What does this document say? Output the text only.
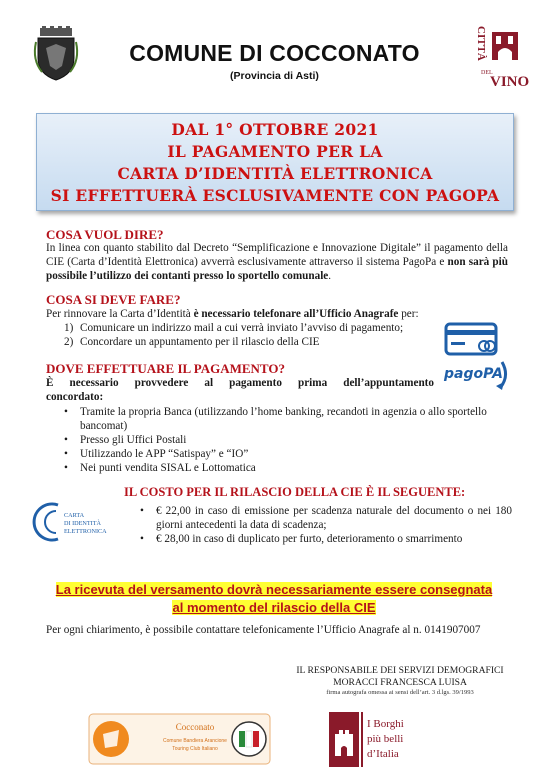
COMUNE DI COCCONATO
(Provincia di Asti)
CITTÀ
DEL
VINO
DAL 1° OTTOBRE 2021
IL PAGAMENTO PER LA
CARTA D’IDENTITÀ ELETTRONICA
SI EFFETTUERÀ ESCLUSIVAMENTE CON PAGOPA
COSA VUOL DIRE?
In linea con quanto stabilito dal Decreto “Semplificazione e Innovazione Digitale” il pagamento della CIE (Carta d’Identità Elettronica) avverrà esclusivamente attraverso il sistema PagoPa e non sarà più possibile l’utilizzo dei contanti presso lo sportello comunale.
COSA SI DEVE FARE?
Per rinnovare la Carta d’Identità è necessario telefonare all’Ufficio Anagrafe per:
1) Comunicare un indirizzo mail a cui verrà inviato l’avviso di pagamento;
2) Concordare un appuntamento per il rilascio della CIE
pagoPA
DOVE EFFETTUARE IL PAGAMENTO?
È necessario provvedere al pagamento prima dell’appuntamento concordato:
• Tramite la propria Banca (utilizzando l’home banking, recandoti in agenzia o allo sportello bancomat)
• Presso gli Uffici Postali
• Utilizzando le APP “Satispay” e “IO”
• Nei punti vendita SISAL e Lottomatica
IL COSTO PER IL RILASCIO DELLA CIE È IL SEGUENTE:
CARTA
DI IDENTITÀ
ELETTRONICA
• € 22,00 in caso di emissione per scadenza naturale del documento o nei 180 giorni antecedenti la data di scadenza;
• € 28,00 in caso di duplicato per furto, deterioramento o smarrimento
La ricevuta del versamento dovrà necessariamente essere consegnata
al momento del rilascio della CIE
Per ogni chiarimento, è possibile contattare telefonicamente l’Ufficio Anagrafe al n. 0141907007
IL RESPONSABILE DEI SERVIZI DEMOGRAFICI
MORACCI FRANCESCA LUISA
firma autografa omessa ai sensi dell’art. 3 d.lgs. 39/1993
Cocconato
Comune Bandiera Arancione
Touring Club Italiano
I Borghi
più belli
d’Italia
